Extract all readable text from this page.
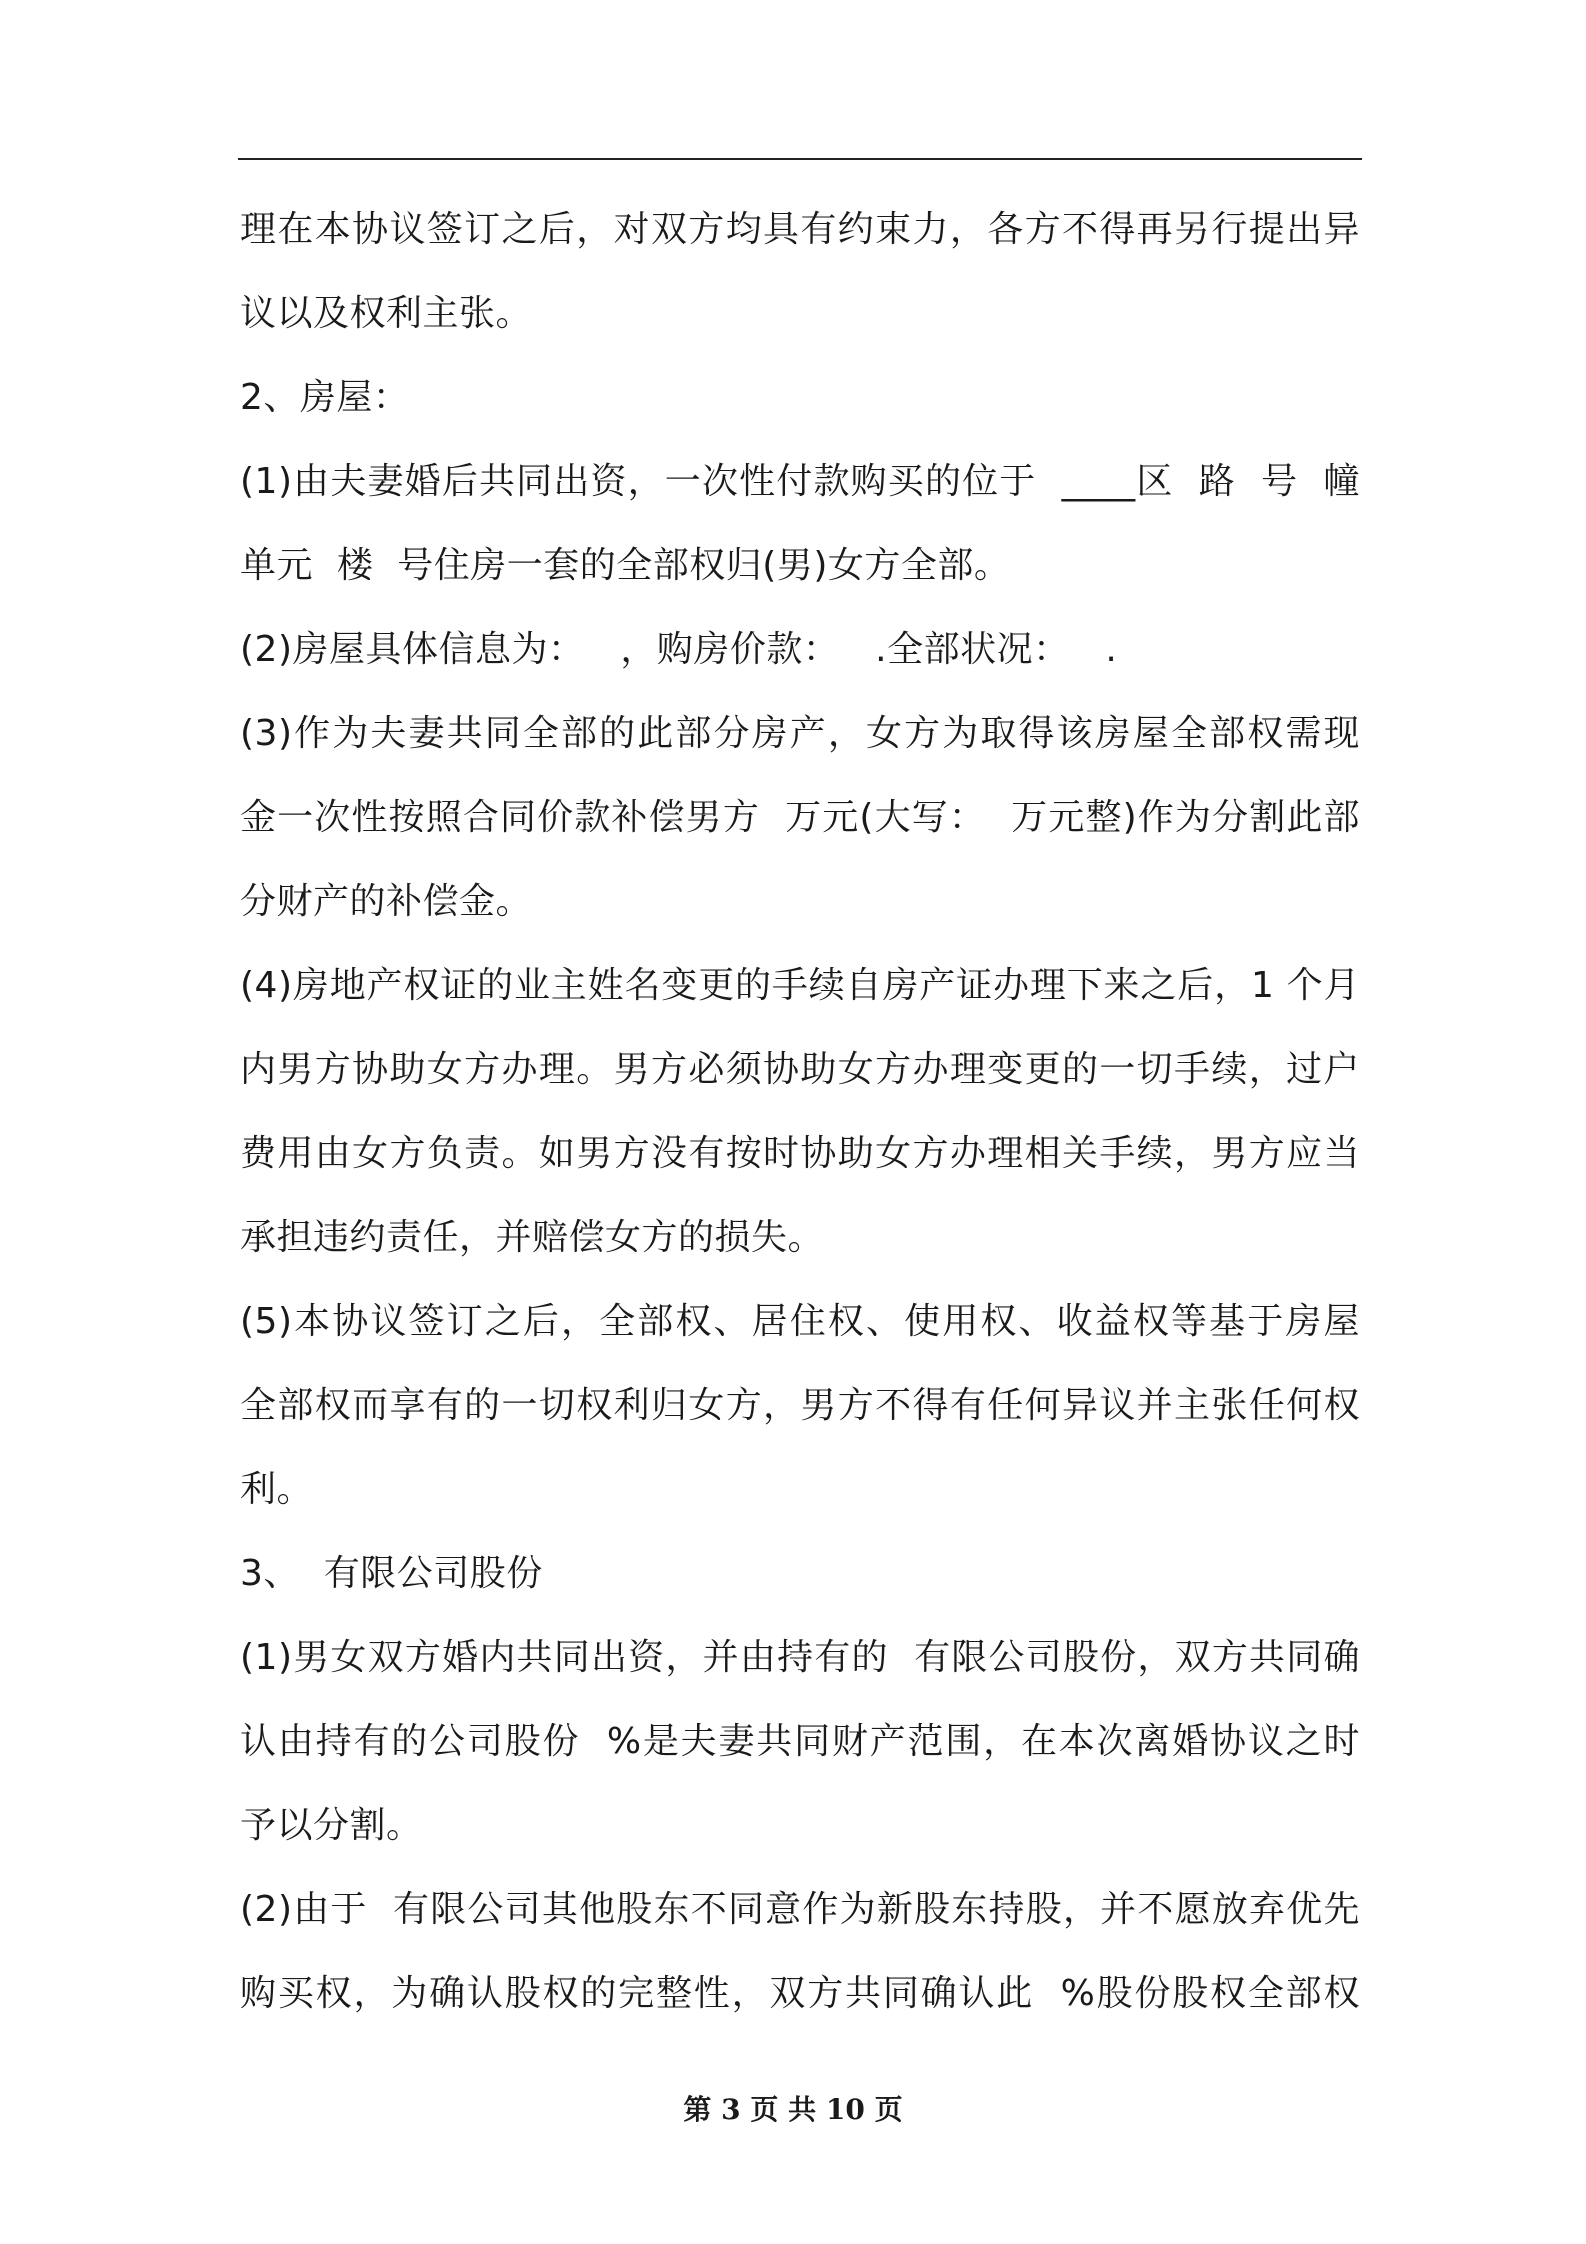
理在本协议签订之后，对双方均具有约束力，各方不得再另行提出异
议以及权利主张。
2、房屋：
(1)由夫妻婚后共同出资，一次性付款购买的位于  ____区  路  号  幢
单元  楼  号住房一套的全部权归(男)女方全部。
(2)房屋具体信息为：   ，购房价款：   .全部状况：   .
(3)作为夫妻共同全部的此部分房产，女方为取得该房屋全部权需现
金一次性按照合同价款补偿男方  万元(大写：  万元整)作为分割此部
分财产的补偿金。
(4)房地产权证的业主姓名变更的手续自房产证办理下来之后，1 个月
内男方协助女方办理。男方必须协助女方办理变更的一切手续，过户
费用由女方负责。如男方没有按时协助女方办理相关手续，男方应当
承担违约责任，并赔偿女方的损失。
(5)本协议签订之后，全部权、居住权、使用权、收益权等基于房屋
全部权而享有的一切权利归女方，男方不得有任何异议并主张任何权
利。
3、  有限公司股份
(1)男女双方婚内共同出资，并由持有的  有限公司股份，双方共同确
认由持有的公司股份  %是夫妻共同财产范围，在本次离婚协议之时
予以分割。
(2)由于  有限公司其他股东不同意作为新股东持股，并不愿放弃优先
购买权，为确认股权的完整性，双方共同确认此  %股份股权全部权
第 3 页 共 10 页
